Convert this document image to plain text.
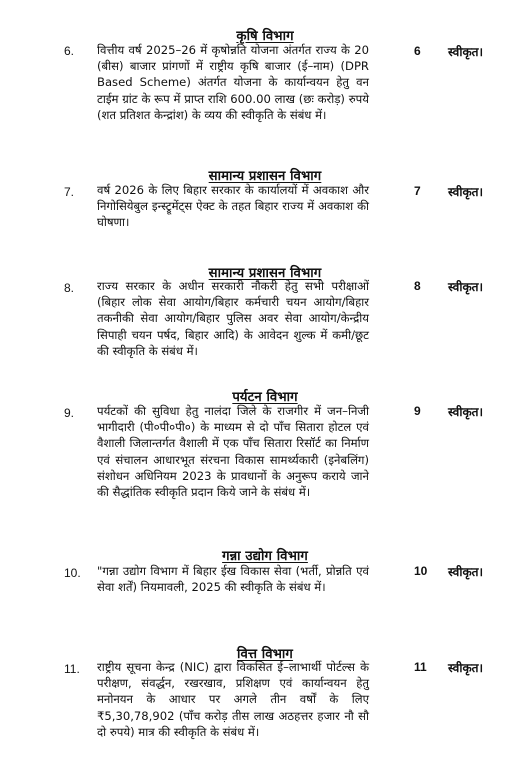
कृषि विभाग
6. वित्तीय वर्ष 2025–26 में कृषोन्नति योजना अंतर्गत राज्य के 20 (बीस) बाजार प्रांगणों में राष्ट्रीय कृषि बाजार (ई–नाम) (DPR Based Scheme) अंतर्गत योजना के कार्यान्वयन हेतु वन टाईम ग्रांट के रूप में प्राप्त राशि 600.00 लाख (छः करोड़) रुपये (शत प्रतिशत केन्द्रांश) के व्यय की स्वीकृति के संबंध में।
6 स्वीकृत।
सामान्य प्रशासन विभाग
7. वर्ष 2026 के लिए बिहार सरकार के कार्यालयों में अवकाश और निगोसियेबुल इन्स्ट्रूमेंट्स ऐक्ट के तहत बिहार राज्य में अवकाश की घोषणा।
7 स्वीकृत।
सामान्य प्रशासन विभाग
8. राज्य सरकार के अधीन सरकारी नौकरी हेतु सभी परीक्षाओं (बिहार लोक सेवा आयोग/बिहार कर्मचारी चयन आयोग/बिहार तकनीकी सेवा आयोग/बिहार पुलिस अवर सेवा आयोग/केन्द्रीय सिपाही चयन पर्षद, बिहार आदि) के आवेदन शुल्क में कमी/छूट की स्वीकृति के संबंध में।
8 स्वीकृत।
पर्यटन विभाग
9. पर्यटकों की सुविधा हेतु नालंदा जिले के राजगीर में जन–निजी भागीदारी (पी०पी०पी०) के माध्यम से दो पाँच सितारा होटल एवं वैशाली जिलान्तर्गत वैशाली में एक पाँच सितारा रिसॉर्ट का निर्माण एवं संचालन आधारभूत संरचना विकास सामर्थ्यकारी (इनेबलिंग) संशोधन अधिनियम 2023 के प्रावधानों के अनुरूप कराये जाने की सैद्धांतिक स्वीकृति प्रदान किये जाने के संबंध में।
9 स्वीकृत।
गन्ना उद्योग विभाग
10. "गन्ना उद्योग विभाग में बिहार ईख विकास सेवा (भर्ती, प्रोन्नति एवं सेवा शर्तें) नियमावली, 2025 की स्वीकृति के संबंध में।
10 स्वीकृत।
वित्त विभाग
11. राष्ट्रीय सूचना केन्द्र (NIC) द्वारा विकसित ई–लाभार्थी पोर्टल्स के परीक्षण, संवर्द्धन, रखरखाव, प्रशिक्षण एवं कार्यान्वयन हेतु मनोनयन के आधार पर अगले तीन वर्षों के लिए ₹5,30,78,902 (पाँच करोड़ तीस लाख अठहत्तर हजार नौ सौ दो रुपये) मात्र की स्वीकृति के संबंध में।
11 स्वीकृत।
